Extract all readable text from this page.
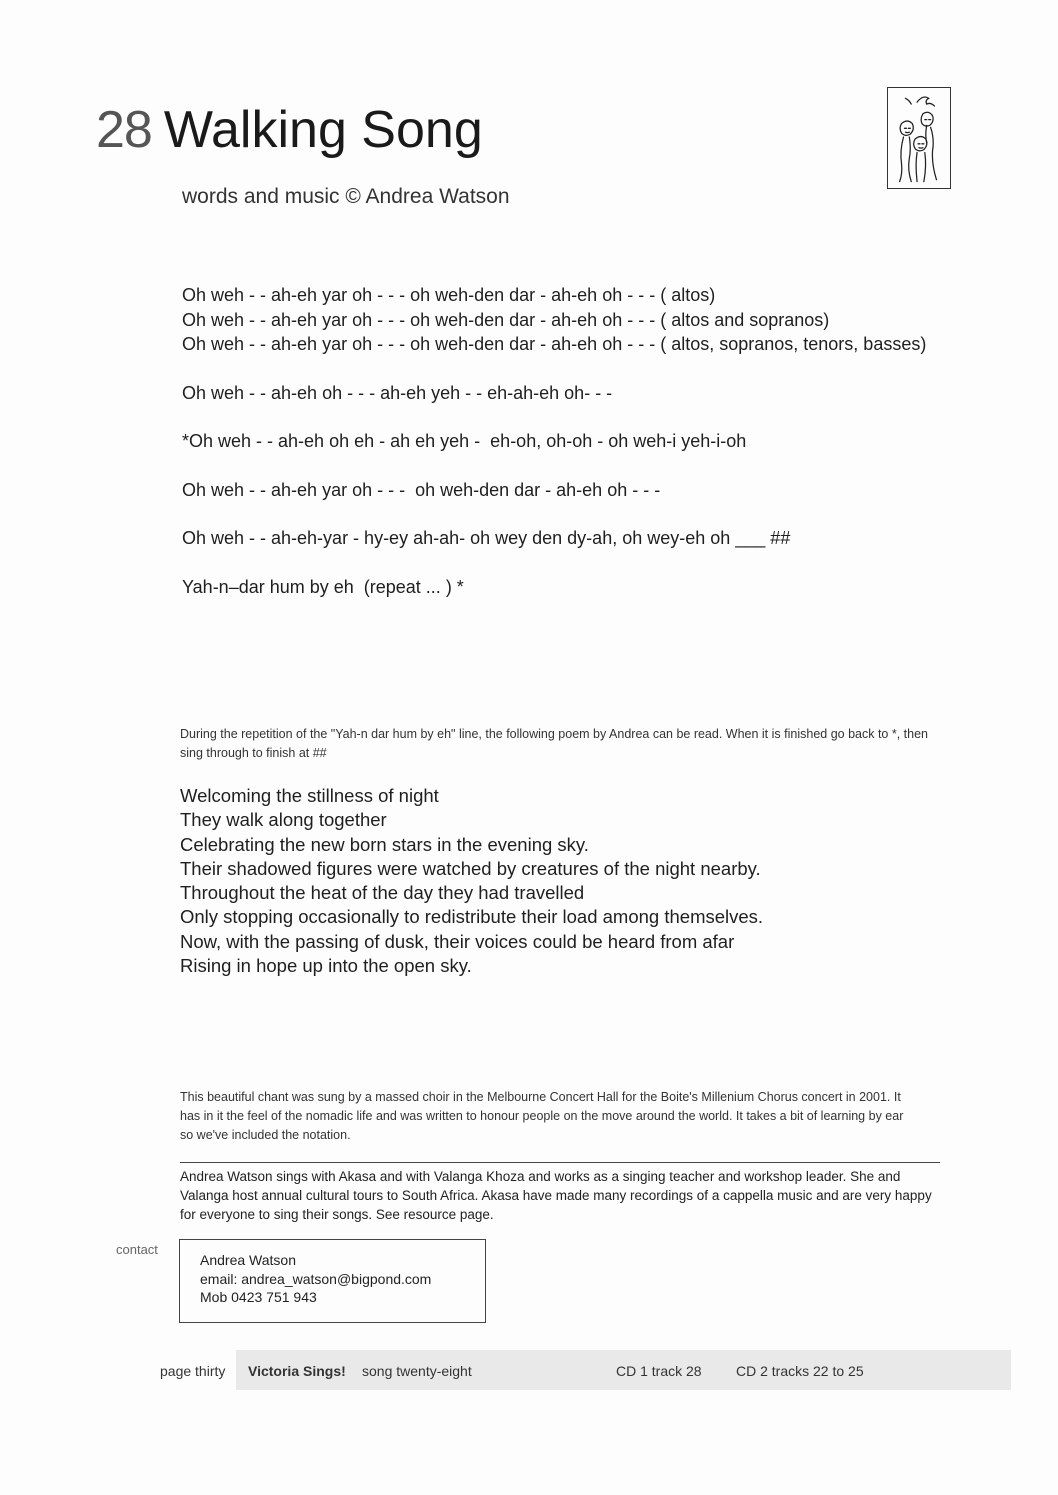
28 Walking Song
words and music © Andrea Watson
Oh weh - - ah-eh yar oh - - - oh weh-den dar - ah-eh oh - - - ( altos)
Oh weh - - ah-eh yar oh - - - oh weh-den dar - ah-eh oh - - - ( altos and sopranos)
Oh weh - - ah-eh yar oh - - - oh weh-den dar - ah-eh oh - - - ( altos, sopranos, tenors, basses)
Oh weh - - ah-eh oh - - - ah-eh yeh - - eh-ah-eh oh- - -
*Oh weh - - ah-eh oh eh - ah eh yeh -  eh-oh, oh-oh - oh weh-i yeh-i-oh
Oh weh - - ah-eh yar oh - - -  oh weh-den dar - ah-eh oh - - -
Oh weh - - ah-eh-yar - hy-ey ah-ah- oh wey den dy-ah, oh wey-eh oh ___ ##
Yah-n–dar hum by eh  (repeat ... ) *
During the repetition of the "Yah-n dar hum by eh" line, the following poem by Andrea can be read. When it is finished go back to *, then sing through to finish at ##
Welcoming the stillness of night
They walk along together
Celebrating the new born stars in the evening sky.
Their shadowed figures were watched by creatures of the night nearby.
Throughout the heat of the day they had travelled
Only stopping occasionally to redistribute their load among themselves.
Now, with the passing of dusk, their voices could be heard from afar
Rising in hope up into the open sky.
This beautiful chant was sung by a massed choir in the Melbourne Concert Hall for the Boite's Millenium Chorus concert in 2001. It has in it the feel of the nomadic life and was written to honour people on the move around the world. It takes a bit of learning by ear so we've included the notation.
Andrea Watson sings with Akasa and with Valanga Khoza and works as a singing teacher and workshop leader. She and Valanga host annual cultural tours to South Africa. Akasa have made many recordings of a cappella music and are very happy for everyone to sing their songs. See resource page.
contact
Andrea Watson
email: andrea_watson@bigpond.com
Mob 0423 751 943
page thirty Victoria Sings! song twenty-eight	CD 1 track 28 CD 2 tracks 22 to 25
